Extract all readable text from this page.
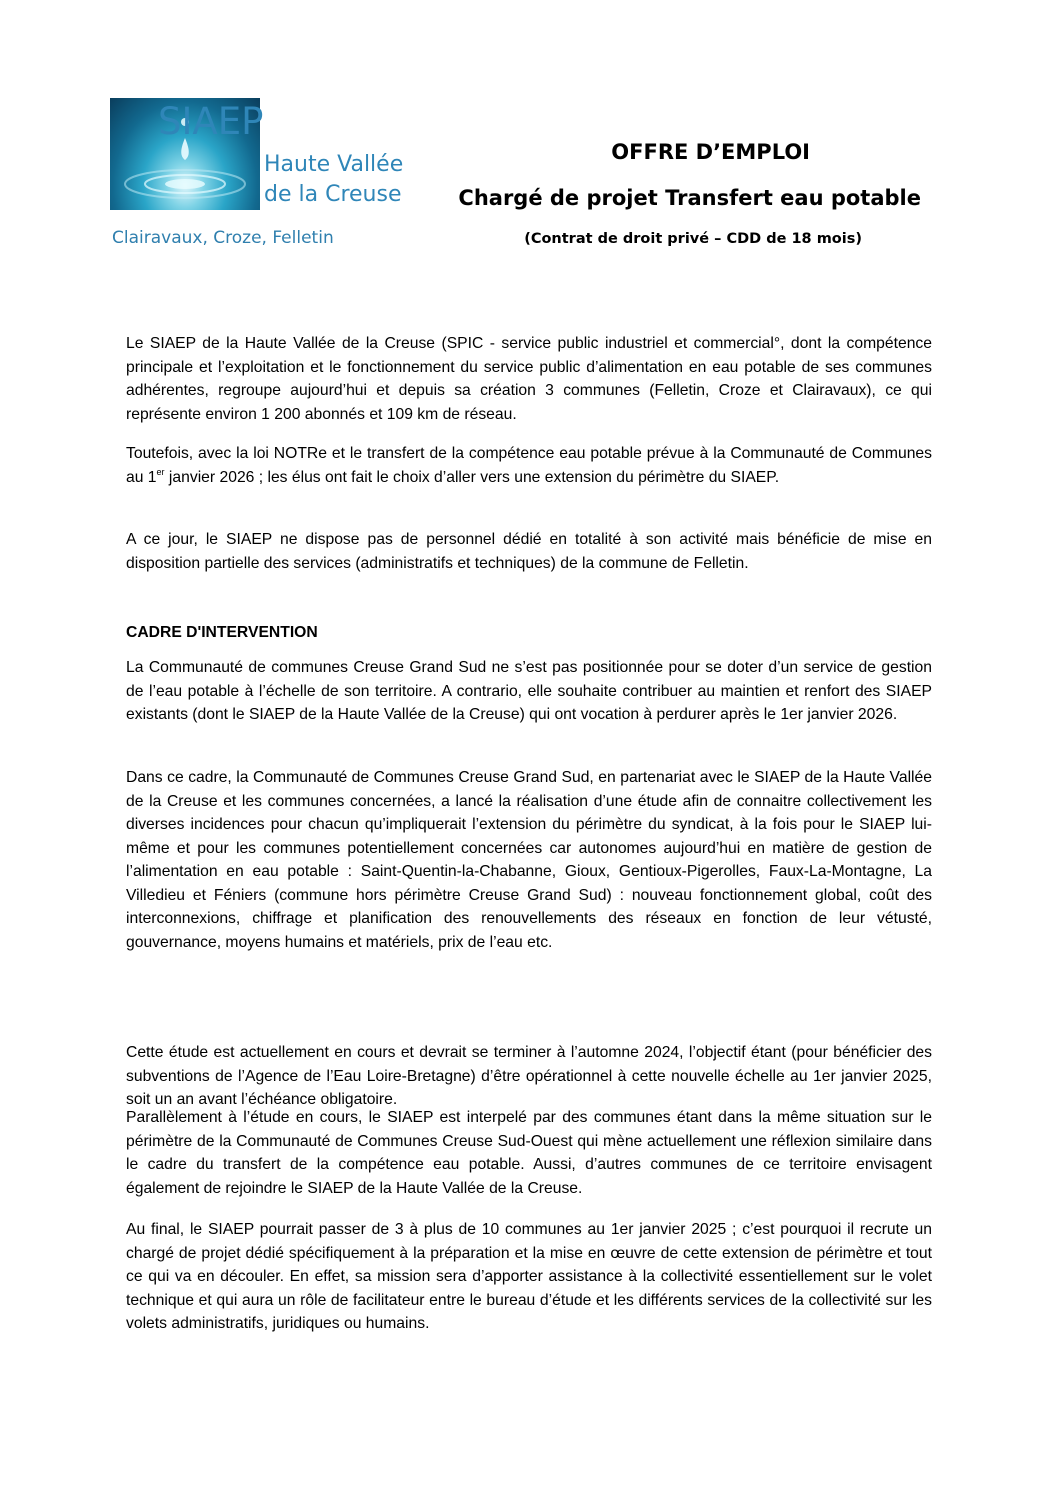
SIAEP
Haute Vallée
de la Creuse
Clairavaux, Croze, Felletin
OFFRE D’EMPLOI
Chargé de projet Transfert eau potable
(Contrat de droit privé – CDD de 18 mois)

Le SIAEP de la Haute Vallée de la Creuse (SPIC - service public industriel et commercial°, dont la compétence principale et l’exploitation et le fonctionnement du service public d’alimentation en eau potable de ses communes adhérentes, regroupe aujourd’hui et depuis sa création 3 communes (Felletin, Croze et Clairavaux), ce qui représente environ 1 200 abonnés et 109 km de réseau.

Toutefois, avec la loi NOTRe et le transfert de la compétence eau potable prévue à la Communauté de Communes au 1er janvier 2026 ; les élus ont fait le choix d’aller vers une extension du périmètre du SIAEP.

A ce jour, le SIAEP ne dispose pas de personnel dédié en totalité à son activité mais bénéficie de mise en disposition partielle des services (administratifs et techniques) de la commune de Felletin.

CADRE D'INTERVENTION

La Communauté de communes Creuse Grand Sud ne s’est pas positionnée pour se doter d’un service de gestion de l’eau potable à l’échelle de son territoire. A contrario, elle souhaite contribuer au maintien et renfort des SIAEP existants (dont le SIAEP de la Haute Vallée de la Creuse) qui ont vocation à perdurer après le 1er janvier 2026.

Dans ce cadre, la Communauté de Communes Creuse Grand Sud, en partenariat avec le SIAEP de la Haute Vallée de la Creuse et les communes concernées, a lancé la réalisation d’une étude afin de connaitre collectivement les diverses incidences pour chacun qu’impliquerait l’extension du périmètre du syndicat, à la fois pour le SIAEP lui-même et pour les communes potentiellement concernées car autonomes aujourd’hui en matière de gestion de l’alimentation en eau potable : Saint-Quentin-la-Chabanne, Gioux, Gentioux-Pigerolles, Faux-La-Montagne, La Villedieu et Féniers (commune hors périmètre Creuse Grand Sud) : nouveau fonctionnement global, coût des interconnexions, chiffrage et planification des renouvellements des réseaux en fonction de leur vétusté, gouvernance, moyens humains et matériels, prix de l’eau etc.

Cette étude est actuellement en cours et devrait se terminer à l’automne 2024, l’objectif étant (pour bénéficier des subventions de l’Agence de l’Eau Loire-Bretagne) d’être opérationnel à cette nouvelle échelle au 1er janvier 2025, soit un an avant l’échéance obligatoire.

Parallèlement à l’étude en cours, le SIAEP est interpelé par des communes étant dans la même situation sur le périmètre de la Communauté de Communes Creuse Sud-Ouest qui mène actuellement une réflexion similaire dans le cadre du transfert de la compétence eau potable. Aussi, d’autres communes de ce territoire envisagent également de rejoindre le SIAEP de la Haute Vallée de la Creuse.

Au final, le SIAEP pourrait passer de 3 à plus de 10 communes au 1er janvier 2025 ; c’est pourquoi il recrute un chargé de projet dédié spécifiquement à la préparation et la mise en œuvre de cette extension de périmètre et tout ce qui va en découler. En effet, sa mission sera d’apporter assistance à la collectivité essentiellement sur le volet technique et qui aura un rôle de facilitateur entre le bureau d’étude et les différents services de la collectivité sur les volets administratifs, juridiques ou humains.
